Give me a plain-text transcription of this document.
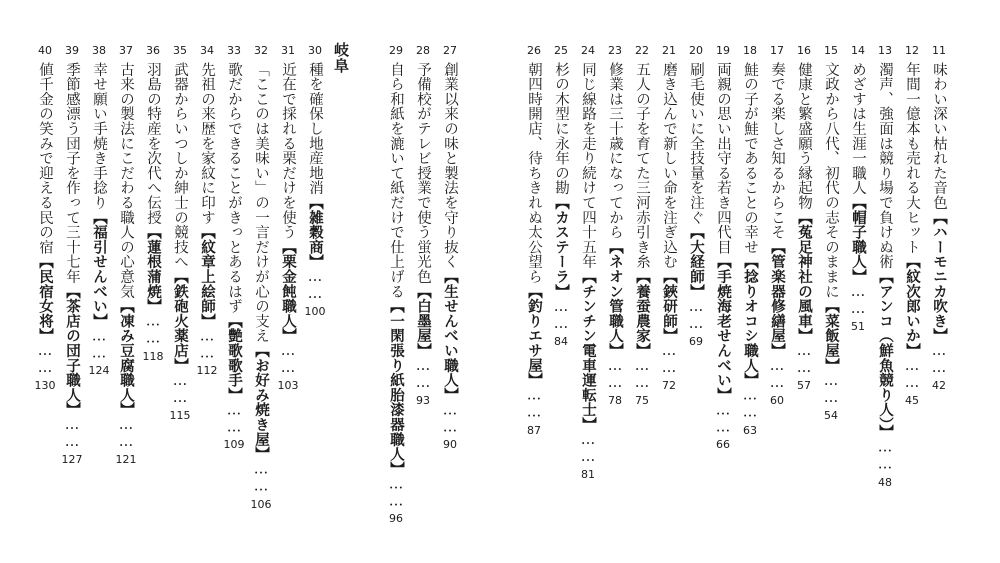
岐阜	11
味わい深い枯れた音色【ハーモニカ吹き】……
42
12
年間一億本も売れる大ヒット【紋次郎いか】……
45
13
濁声、強面は競り場で負けぬ術【アンコ（鮮魚競り人）】……
48
14
めざすは生涯一職人【帽子職人】……
51
15
文政から八代、初代の志そのままに【菜飯屋】……
54
16
健康と繁盛願う縁起物【菟足神社の風車】……
57
17
奏でる楽しさ知るからこそ【管楽器修繕屋】……
60
18
鮭の子が鮭であることの幸せ【捻りオコシ職人】……
63
19
両親の思い出守る若き四代目【手焼海老せんべい】……
66
20
刷毛使いに全技量を注ぐ【大経師】……
69
21
磨き込んで新しい命を注ぎ込む【鋏研師】……
72
22
五人の子を育てた三河赤引き糸【養蚕農家】……
75
23
修業は三十歳になってから【ネオン管職人】……
78
24
同じ線路を走り続けて四十五年【チンチン電車運転士】……
81
25
杉の木型に永年の勘【カステーラ】……
84
26
朝四時開店、待ちきれぬ太公望ら【釣りエサ屋】……
87
27
創業以来の味と製法を守り抜く【生せんべい職人】……
90
28
予備校がテレビ授業で使う蛍光色【白墨屋】……
93
29
自ら和紙を漉いて紙だけで仕上げる【一閑張り紙胎漆器職人】……
96
30
種を確保し地産地消【雑穀商】……
100
31
近在で採れる栗だけを使う【栗金飩職人】……
103
32
「ここのは美味い」の一言だけが心の支え【お好み焼き屋】……
106
33
歌だからできることがきっとあるはず【艶歌歌手】……
109
34
先祖の来歴を家紋に印す【紋章上絵師】……
112
35
武器からいつしか紳士の競技へ【鉄砲火薬店】……
115
36
羽島の特産を次代へ伝授【蓮根蒲焼】……
118
37
古来の製法にこだわる職人の心意気【凍み豆腐職人】……
121
38
幸せ願い手焼き手捻り【福引せんべい】……
124
39
季節感漂う団子を作って三十七年【茶店の団子職人】……
127
40
値千金の笑みで迎える民の宿【民宿女将】……
130
